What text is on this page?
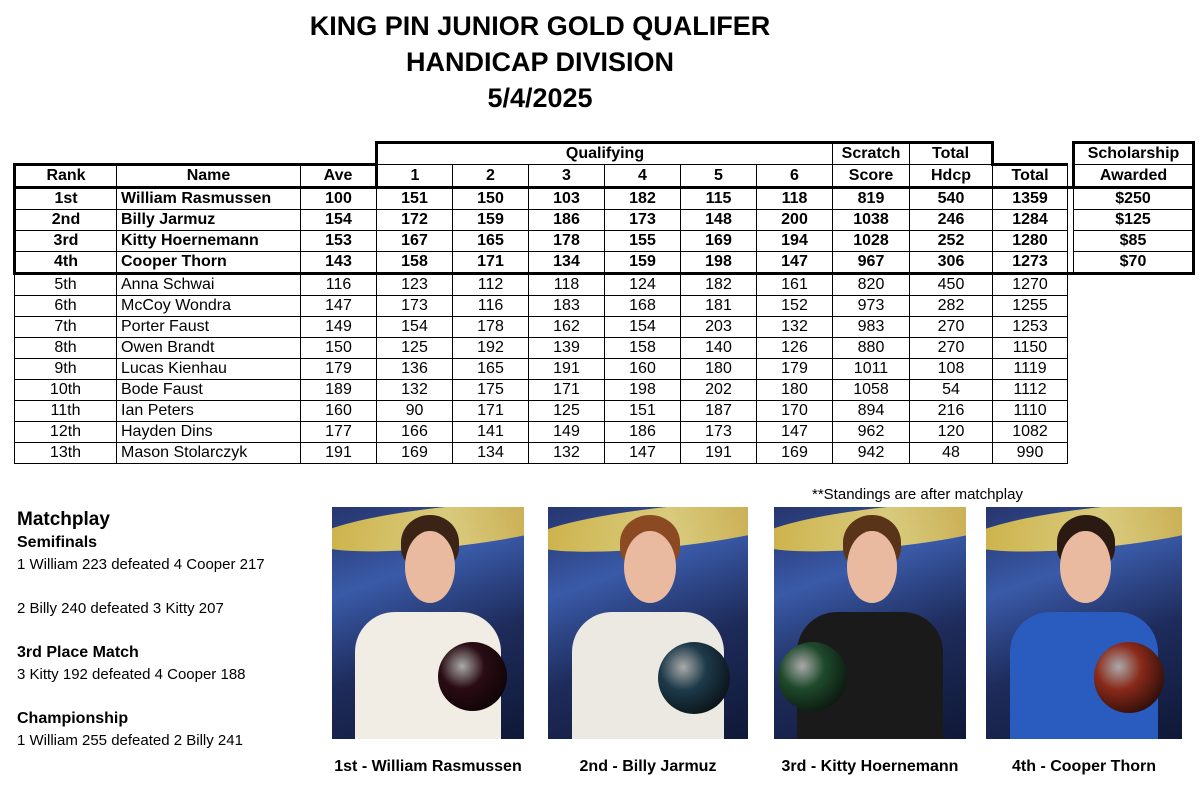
KING PIN JUNIOR GOLD QUALIFER
HANDICAP DIVISION
5/4/2025
			Qualifying						Scratch	Total			Scholarship
Rank	Name	Ave	1	2	3	4	5	6	Score	Hdcp	Total		Awarded
1st	William Rasmussen	100	151	150	103	182	115	118	819	540	1359		$250
2nd	Billy Jarmuz	154	172	159	186	173	148	200	1038	246	1284		$125
3rd	Kitty Hoernemann	153	167	165	178	155	169	194	1028	252	1280		$85
4th	Cooper Thorn	143	158	171	134	159	198	147	967	306	1273		$70
5th	Anna Schwai	116	123	112	118	124	182	161	820	450	1270		
6th	McCoy Wondra	147	173	116	183	168	181	152	973	282	1255		
7th	Porter Faust	149	154	178	162	154	203	132	983	270	1253		
8th	Owen Brandt	150	125	192	139	158	140	126	880	270	1150		
9th	Lucas Kienhau	179	136	165	191	160	180	179	1011	108	1119		
10th	Bode Faust	189	132	175	171	198	202	180	1058	54	1112		
11th	Ian Peters	160	90	171	125	151	187	170	894	216	1110		
12th	Hayden Dins	177	166	141	149	186	173	147	962	120	1082		
13th	Mason Stolarczyk	191	169	134	132	147	191	169	942	48	990		
**Standings are after matchplay
Matchplay
Semifinals
1 William 223 defeated 4 Cooper 217
2 Billy 240 defeated 3 Kitty 207
3rd Place Match
3 Kitty 192 defeated 4 Cooper 188
Championship
1 William 255 defeated 2 Billy 241
1st - William Rasmussen	2nd - Billy Jarmuz	3rd - Kitty Hoernemann	4th - Cooper Thorn
